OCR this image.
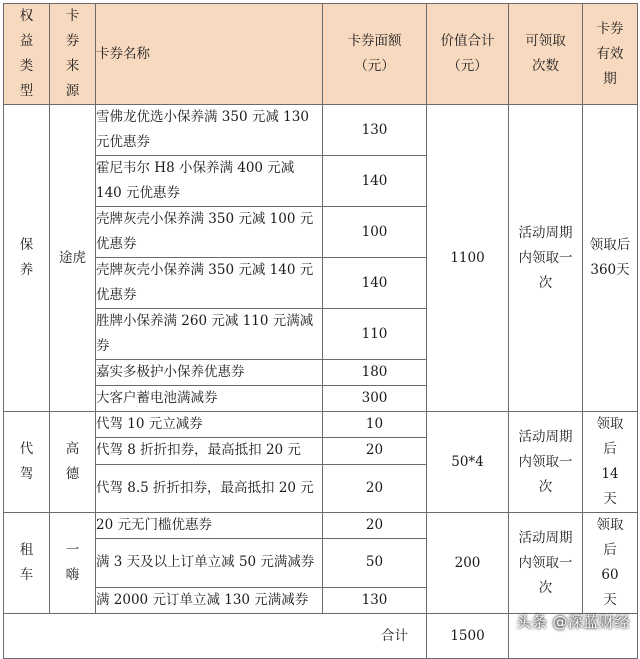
权益类型	卡券来源	卡券名称	卡券面额（元）	价值合计（元）	可领取次数	卡券有效期

保养	途虎	雪佛龙优选小保养满 350 元减 130 元优惠券	130	1100	活动周期内领取一次	领取后360天

		霍尼韦尔 H8 小保养满 400 元减 140 元优惠券	140			
		壳牌灰壳小保养满 350 元减 100 元优惠券	100			
		壳牌灰壳小保养满 350 元减 140 元优惠券	140			
		胜牌小保养满 260 元减 110 元满减券	110			
		嘉实多极护小保养优惠券	180			
		大客户蓄电池满减券	300			

代驾	高德	代驾 10 元立减券	10	50*4	活动周期内领取一次	领取后14天

		代驾 8 折折扣券，最高抵扣 20 元	20			
		代驾 8.5 折折扣券，最高抵扣 20 元	20			

租车	一嗨	20 元无门槛优惠券	20	200	活动周期内领取一次	领取后60天

		满 3 天及以上订单立减 50 元满减券	50			
		满 2000 元订单立减 130 元满减券	130			
合计				1500		
头条 @深蓝财经
